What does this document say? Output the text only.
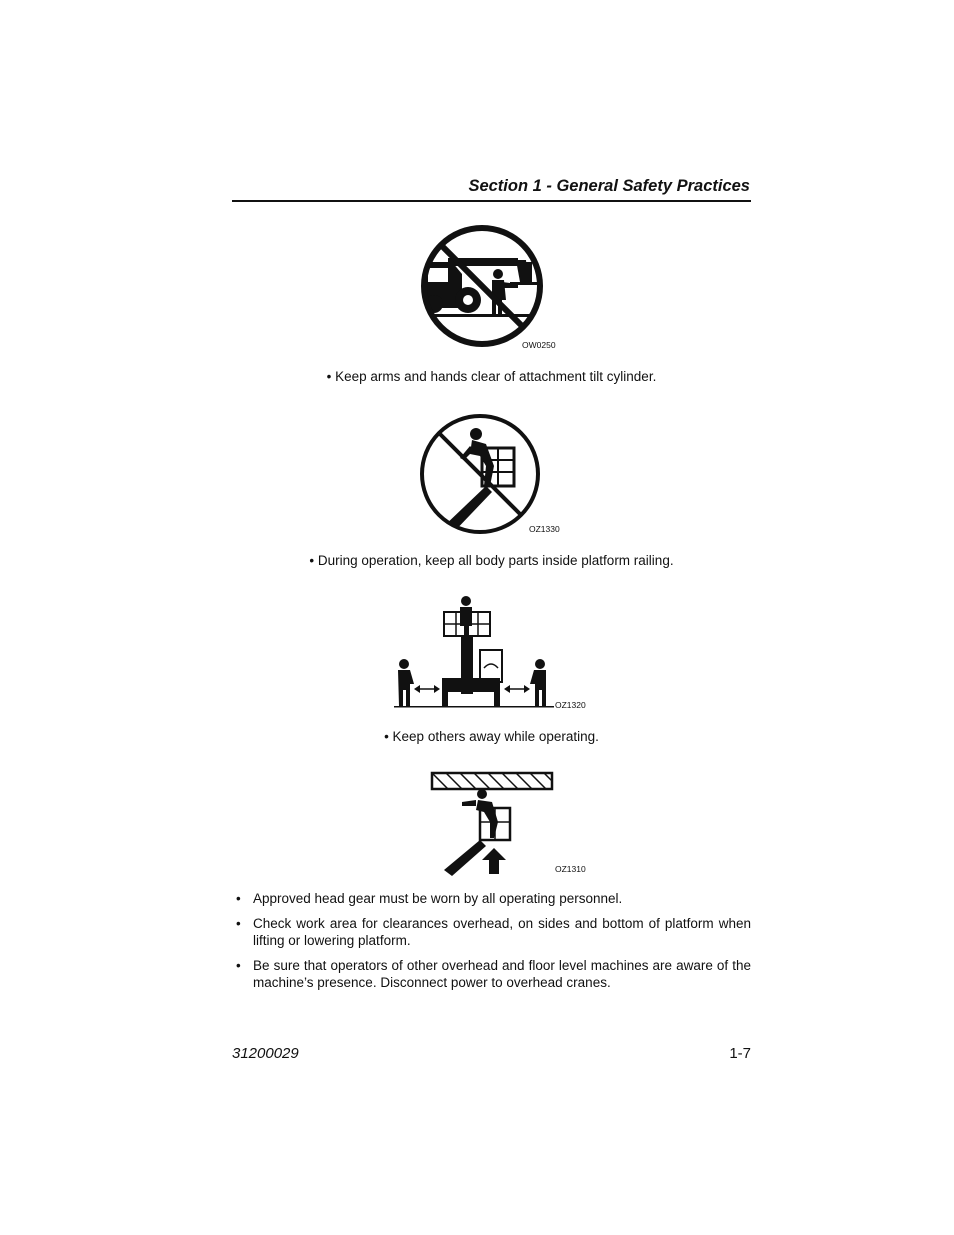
Section 1 - General Safety Practices
OW0250
• Keep arms and hands clear of attachment tilt cylinder.
OZ1330
• During operation, keep all body parts inside platform railing.
OZ1320
• Keep others away while operating.
OZ1310
• Approved head gear must be worn by all operating personnel.
• Check work area for clearances overhead, on sides and bottom of platform when lifting or lowering platform.
• Be sure that operators of other overhead and floor level machines are aware of the machine’s presence. Disconnect power to overhead cranes.
31200029	1-7
